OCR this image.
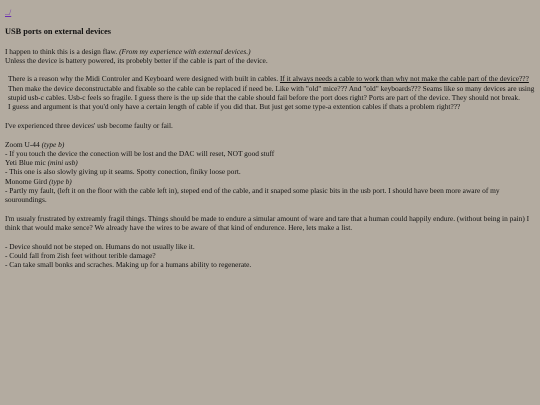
../
USB ports on external devices

I happen to think this is a design flaw. (From my experience with external devices.)
Unless the device is battery powered, its probebly better if the cable is part of the device.

There is a reason why the Midi Controler and Keyboard were designed with built in cables. If it always needs a cable to work than why not make the cable part of the device??? Then make the device deconstructable and fixable so the cable can be replaced if need be. Like with "old" mice??? And "old" keyboards??? Seams like so many devices are using stupid usb-c cables. Usb-c feels so fragile. I guess there is the up side that the cable should fail before the port does right? Ports are part of the device. They should not break.
I guess and argument is that you'd only have a certain length of cable if you did that. But just get some type-a extention cables if thats a problem right???

I've experienced three devices' usb become faulty or fail.

Zoom U-44 (type b)
- If you touch the device the conection will be lost and the DAC will reset, NOT good stuff
Yeti Blue mic (mini usb)
- This one is also slowly giving up it seams. Spotty conection, finiky loose port.
Monome Gird (type b)
- Partly my fault, (left it on the floor with the cable left in), steped end of the cable, and it snaped some plasic bits in the usb port. I should have been more aware of my souroundings.

I'm usualy frustrated by extreamly fragil things. Things should be made to endure a simular amount of ware and tare that a human could happily endure. (without being in pain) I think that would make sence? We already have the wires to be aware of that kind of endurence. Here, lets make a list.

- Device should not be steped on. Humans do not usually like it.
- Could fall from 2ish feet without terible damage?
- Can take small bonks and scraches. Making up for a humans ability to regenerate.
